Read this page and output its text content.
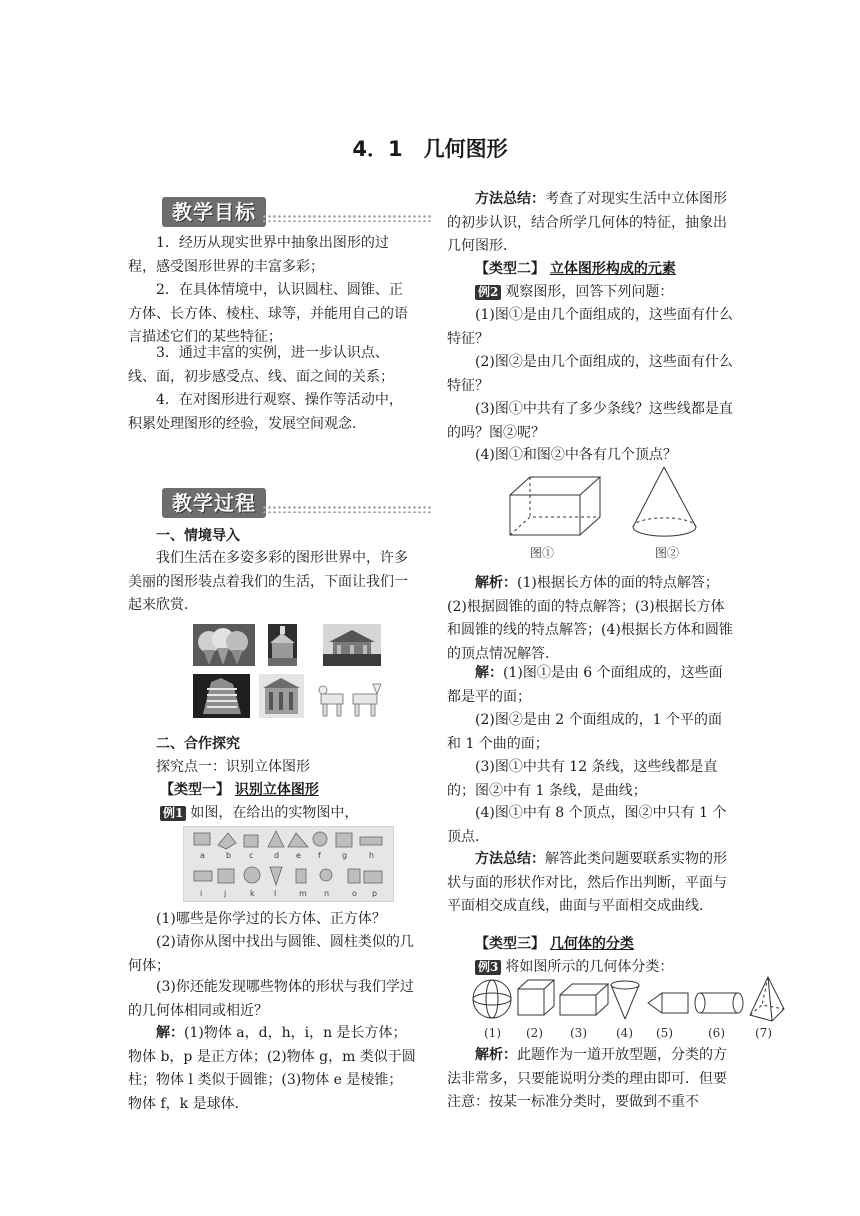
4．1　几何图形
教学目标

1．经历从现实世界中抽象出图形的过程，感受图形世界的丰富多彩；

2．在具体情境中，认识圆柱、圆锥、正方体、长方体、棱柱、球等，并能用自己的语言描述它们的某些特征；

3．通过丰富的实例，进一步认识点、线、面，初步感受点、线、面之间的关系；

4．在对图形进行观察、操作等活动中，积累处理图形的经验，发展空间观念．

教学过程

一、情境导入

我们生活在多姿多彩的图形世界中，许多美丽的图形装点着我们的生活，下面让我们一起来欣赏．

二、合作探究

探究点一：识别立体图形

【类型一】 识别立体图形

例1 如图，在给出的实物图中，

a	b c	d e f	g	h
i	j	k l	m n	o p

(1)哪些是你学过的长方体、正方体？

(2)请你从图中找出与圆锥、圆柱类似的几何体；

(3)你还能发现哪些物体的形状与我们学过的几何体相同或相近？

解：(1)物体 a，d，h，i，n 是长方体；物体 b，p 是正方体；(2)物体 g，m 类似于圆柱；物体 l 类似于圆锥；(3)物体 e 是棱锥；物体 f，k 是球体．

方法总结：考查了对现实生活中立体图形的初步认识，结合所学几何体的特征，抽象出几何图形．

【类型二】 立体图形构成的元素

例2 观察图形，回答下列问题：

(1)图①是由几个面组成的，这些面有什么特征？

(2)图②是由几个面组成的，这些面有什么特征？

(3)图①中共有了多少条线？这些线都是直的吗？图②呢？

(4)图①和图②中各有几个顶点？

图①	图②

解析：(1)根据长方体的面的特点解答；(2)根据圆锥的面的特点解答；(3)根据长方体和圆锥的线的特点解答；(4)根据长方体和圆锥的顶点情况解答．

解：(1)图①是由 6 个面组成的，这些面都是平的面；

(2)图②是由 2 个面组成的，1 个平的面和 1 个曲的面；

(3)图①中共有 12 条线，这些线都是直的；图②中有 1 条线，是曲线；

(4)图①中有 8 个顶点，图②中只有 1 个顶点．

方法总结：解答此类问题要联系实物的形状与面的形状作对比，然后作出判断，平面与平面相交成直线，曲面与平面相交成曲线．

【类型三】 几何体的分类

例3 将如图所示的几何体分类：

(1) (2) (3) (4) (5)	(6)	(7)

解析：此题作为一道开放型题，分类的方法非常多，只要能说明分类的理由即可．但要注意：按某一标准分类时，要做到不重不
